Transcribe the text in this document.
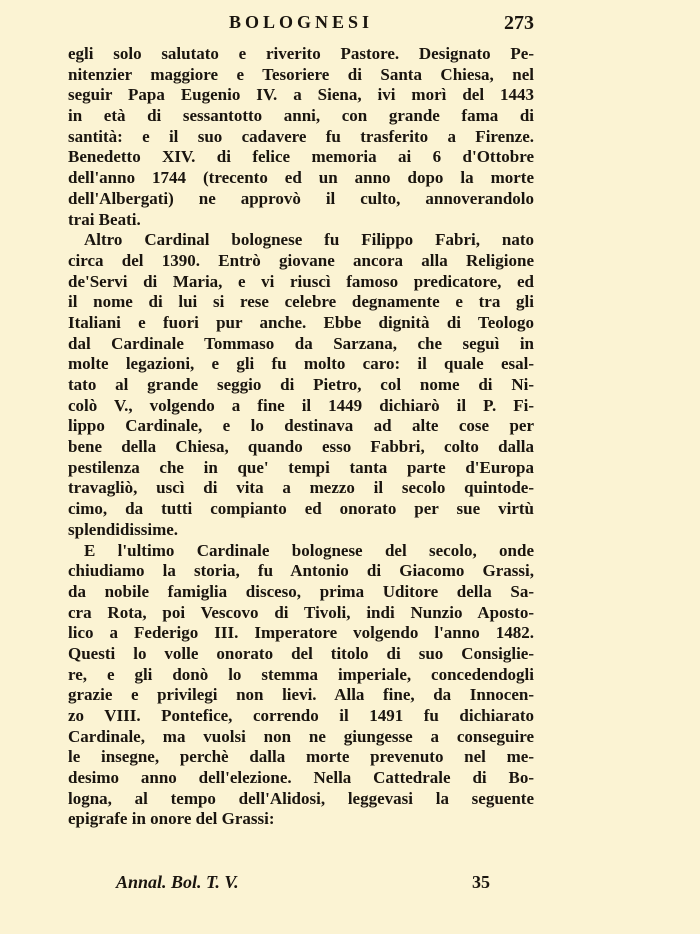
BOLOGNESI	273
egli solo salutato e riverito Pastore. Designato Pe-
nitenzier maggiore e Tesoriere di Santa Chiesa, nel
seguir Papa Eugenio IV. a Siena, ivi morì del 1443
in età di sessantotto anni, con grande fama di
santità: e il suo cadavere fu trasferito a Firenze.
Benedetto XIV. di felice memoria ai 6 d'Ottobre
dell'anno 1744 (trecento ed un anno dopo la morte
dell'Albergati) ne approvò il culto, annoverandolo
trai Beati.
Altro Cardinal bolognese fu Filippo Fabri, nato
circa del 1390. Entrò giovane ancora alla Religione
de'Servi di Maria, e vi riuscì famoso predicatore, ed
il nome di lui si rese celebre degnamente e tra gli
Italiani e fuori pur anche. Ebbe dignità di Teologo
dal Cardinale Tommaso da Sarzana, che seguì in
molte legazioni, e gli fu molto caro: il quale esal-
tato al grande seggio di Pietro, col nome di Ni-
colò V., volgendo a fine il 1449 dichiarò il P. Fi-
lippo Cardinale, e lo destinava ad alte cose per
bene della Chiesa, quando esso Fabbri, colto dalla
pestilenza che in que' tempi tanta parte d'Europa
travagliò, uscì di vita a mezzo il secolo quintode-
cimo, da tutti compianto ed onorato per sue virtù
splendidissime.
E l'ultimo Cardinale bolognese del secolo, onde
chiudiamo la storia, fu Antonio di Giacomo Grassi,
da nobile famiglia disceso, prima Uditore della Sa-
cra Rota, poi Vescovo di Tivoli, indi Nunzio Aposto-
lico a Federigo III. Imperatore volgendo l'anno 1482.
Questi lo volle onorato del titolo di suo Consiglie-
re, e gli donò lo stemma imperiale, concedendogli
grazie e privilegi non lievi. Alla fine, da Innocen-
zo VIII. Pontefice, correndo il 1491 fu dichiarato
Cardinale, ma vuolsi non ne giungesse a conseguire
le insegne, perchè dalla morte prevenuto nel me-
desimo anno dell'elezione. Nella Cattedrale di Bo-
logna, al tempo dell'Alidosi, leggevasi la seguente
epigrafe in onore del Grassi:
Annal. Bol. T. V.	35
